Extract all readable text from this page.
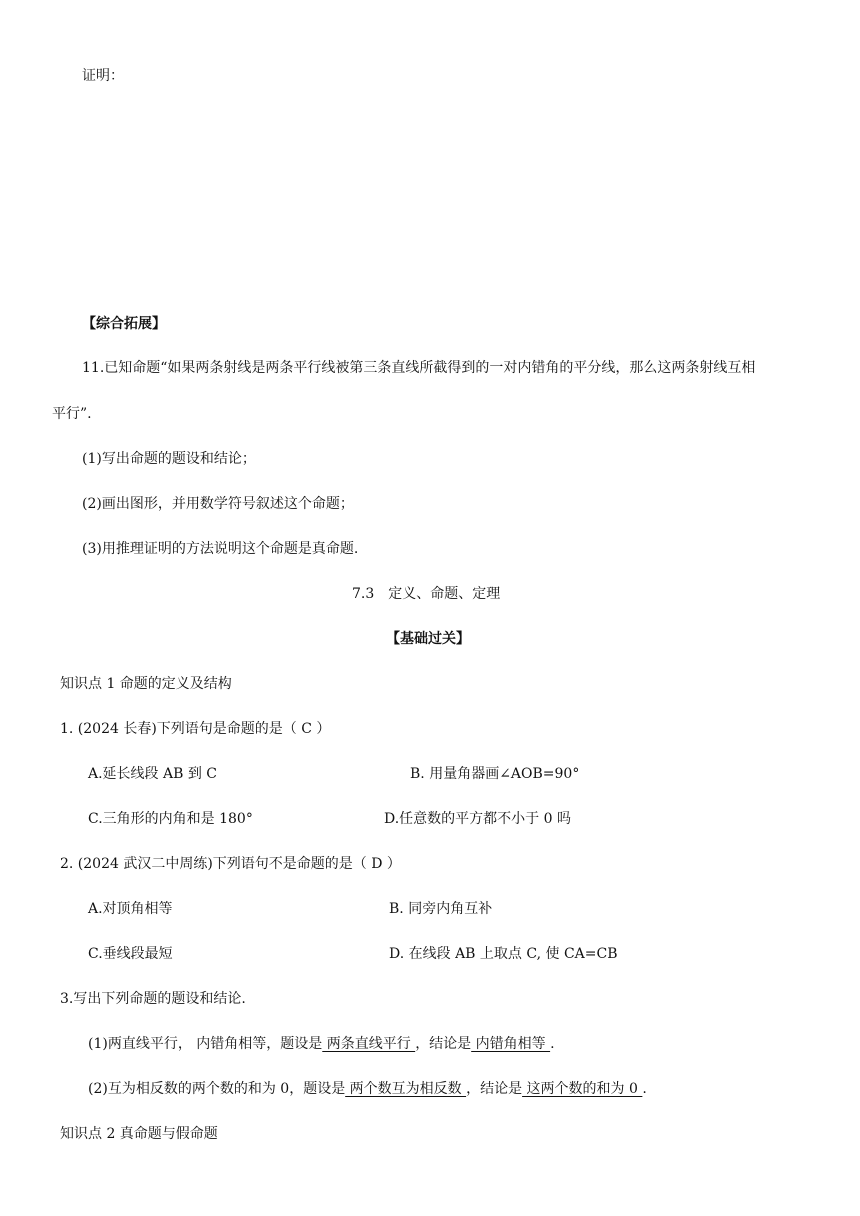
证明：
【综合拓展】
11.已知命题“如果两条射线是两条平行线被第三条直线所截得到的一对内错角的平分线，那么这两条射线互相
平行”.
(1)写出命题的题设和结论；
(2)画出图形，并用数学符号叙述这个命题；
(3)用推理证明的方法说明这个命题是真命题.
7.3　定义、命题、定理
【基础过关】
知识点 1 命题的定义及结构
1. (2024 长春)下列语句是命题的是（ C ）
A.延长线段 AB 到 C	B. 用量角器画∠AOB=90°
C.三角形的内角和是 180°	D.任意数的平方都不小于 0 吗
2. (2024 武汉二中周练)下列语句不是命题的是（ D ）
A.对顶角相等	B. 同旁内角互补
C.垂线段最短	D. 在线段 AB 上取点 C, 使 CA=CB
3.写出下列命题的题设和结论.
(1)两直线平行， 内错角相等，题设是 两条直线平行 ，结论是 内错角相等 .
(2)互为相反数的两个数的和为 0，题设是 两个数互为相反数 ，结论是 这两个数的和为 0 .
知识点 2 真命题与假命题
